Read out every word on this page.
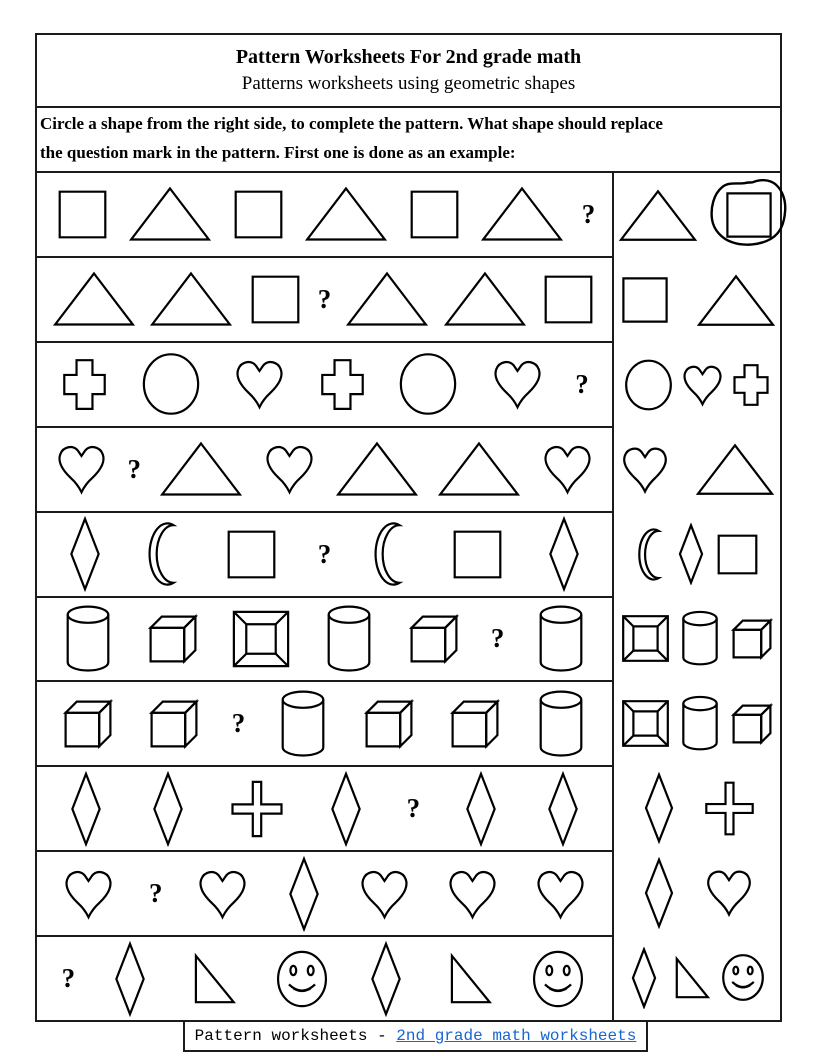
Pattern Worksheets For 2nd grade math
Patterns worksheets using geometric shapes
Circle a shape from the right side, to complete the pattern. What shape should replace
the question mark in the pattern. First one is done as an example:
?
?
?
?
?
?
?
?
?
?
Pattern worksheets - 2nd grade math worksheets
